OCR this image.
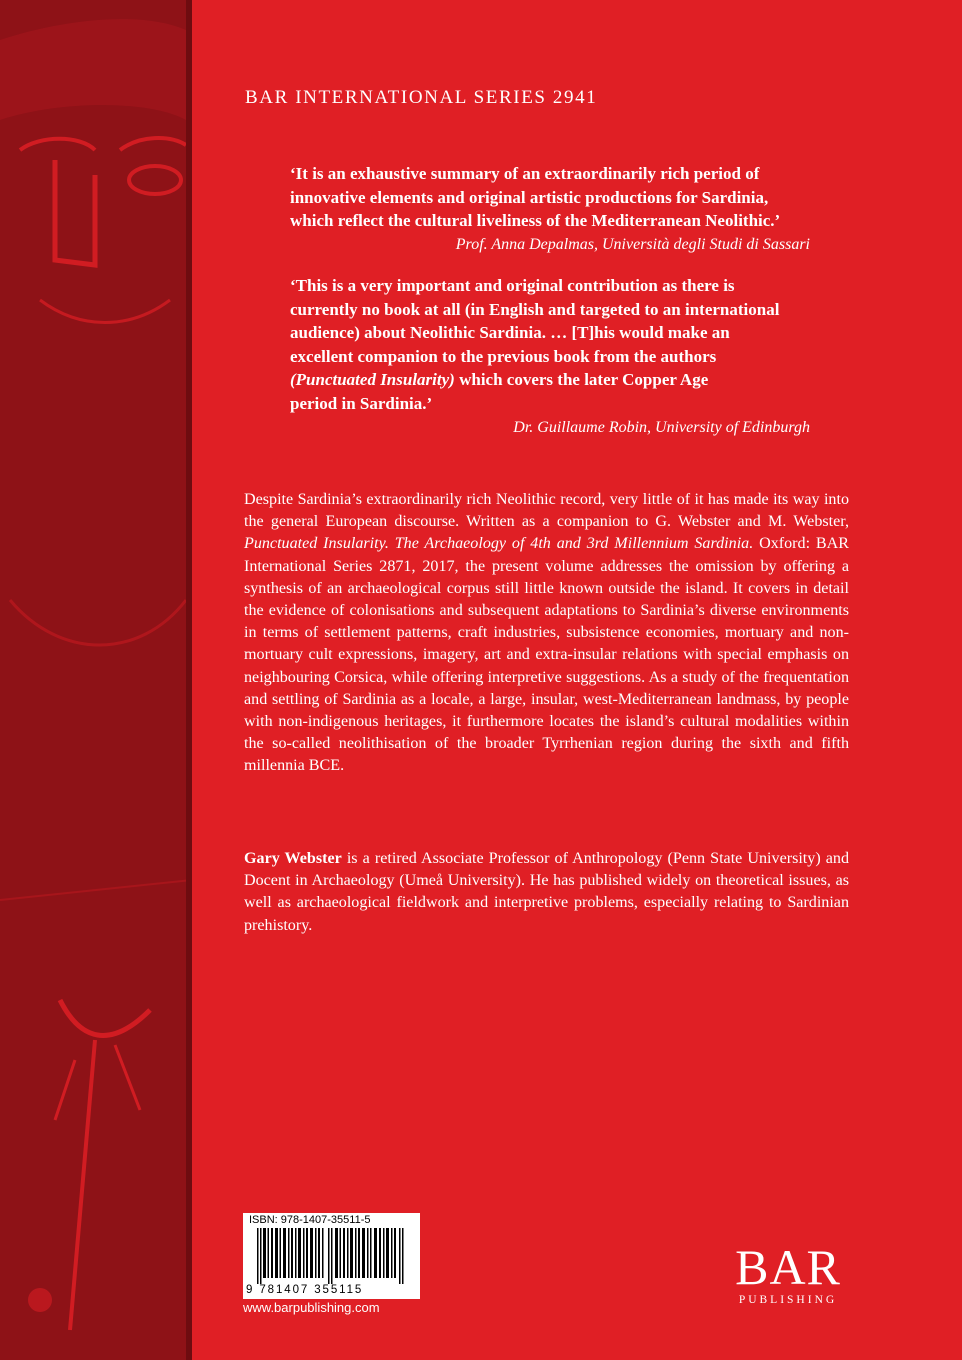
BAR INTERNATIONAL SERIES 2941
‘It is an exhaustive summary of an extraordinarily rich period of
innovative elements and original artistic productions for Sardinia,
which reflect the cultural liveliness of the Mediterranean Neolithic.’
Prof. Anna Depalmas, Università degli Studi di Sassari
‘This is a very important and original contribution as there is
currently no book at all (in English and targeted to an international
audience) about Neolithic Sardinia. … [T]his would make an
excellent companion to the previous book from the authors
(Punctuated Insularity) which covers the later Copper Age
period in Sardinia.’
Dr. Guillaume Robin, University of Edinburgh

Despite Sardinia’s extraordinarily rich Neolithic record, very little of it has made its way into the general European discourse. Written as a companion to G. Webster and M. Webster, Punctuated Insularity. The Archaeology of 4th and 3rd Millennium Sardinia. Oxford: BAR International Series 2871, 2017, the present volume addresses the omission by offering a synthesis of an archaeological corpus still little known outside the island. It covers in detail the evidence of colonisations and subsequent adaptations to Sardinia’s diverse environments in terms of settlement patterns, craft industries, subsistence economies, mortuary and non-mortuary cult expressions, imagery, art and extra-insular relations with special emphasis on neighbouring Corsica, while offering interpretive suggestions. As a study of the frequentation and settling of Sardinia as a locale, a large, insular, west-Mediterranean landmass, by people with non-indigenous heritages, it furthermore locates the island’s cultural modalities within the so-called neolithisation of the broader Tyrrhenian region during the sixth and fifth millennia BCE.

Gary Webster is a retired Associate Professor of Anthropology (Penn State University) and Docent in Archaeology (Umeå University). He has published widely on theoretical issues, as well as archaeological fieldwork and interpretive problems, especially relating to Sardinian prehistory.

ISBN: 978-1407-35511-5
9 781407 355115
www.barpublishing.com
BAR
PUBLISHING
